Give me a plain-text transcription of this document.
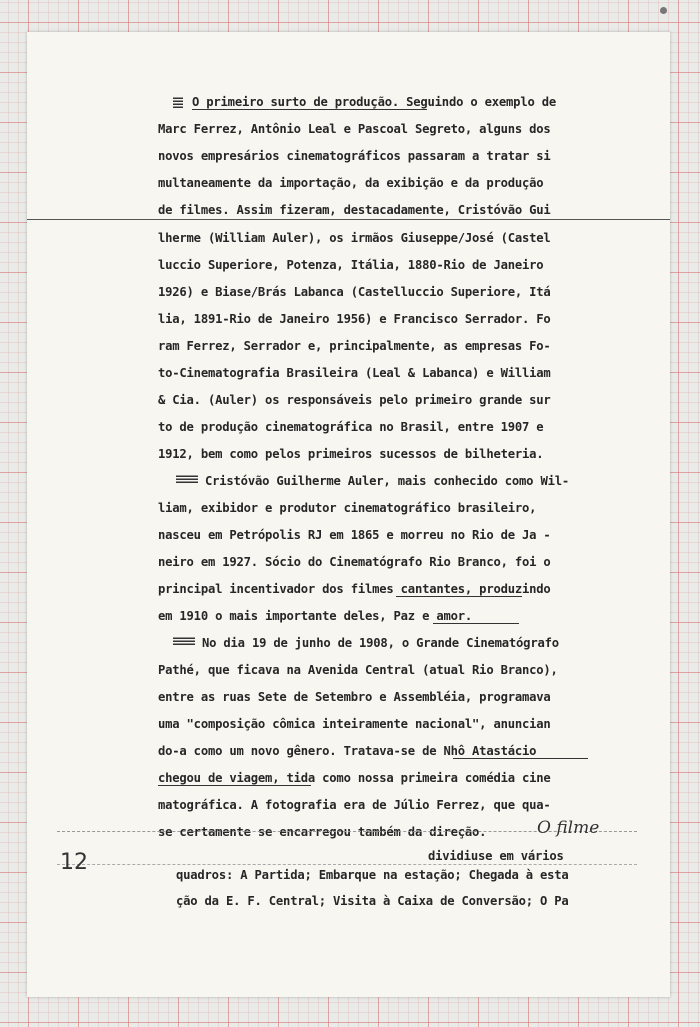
O primeiro surto de produção. Seguindo o exemplo de
Marc Ferrez, Antônio Leal e Pascoal Segreto, alguns dos
novos empresários cinematográficos passaram a tratar si
multaneamente da importação, da exibição e da produção
de filmes. Assim fizeram, destacadamente, Cristóvão Gui
lherme (William Auler), os irmãos Giuseppe/José (Castel
luccio Superiore, Potenza, Itália, 1880-Rio de Janeiro
1926) e Biase/Brás Labanca (Castelluccio Superiore, Itá
lia, 1891-Rio de Janeiro 1956) e Francisco Serrador. Fo
ram Ferrez, Serrador e, principalmente, as empresas Fo-
to-Cinematografia Brasileira (Leal & Labanca) e William
& Cia. (Auler) os responsáveis pelo primeiro grande sur
to de produção cinematográfica no Brasil, entre 1907 e
1912, bem como pelos primeiros sucessos de bilheteria.
Cristóvão Guilherme Auler, mais conhecido como Wil-
liam, exibidor e produtor cinematográfico brasileiro,
nasceu em Petrópolis RJ em 1865 e morreu no Rio de Ja -
neiro em 1927. Sócio do Cinematógrafo Rio Branco, foi o
principal incentivador dos filmes cantantes, produzindo
em 1910 o mais importante deles, Paz e amor.
No dia 19 de junho de 1908, o Grande Cinematógrafo
Pathé, que ficava na Avenida Central (atual Rio Branco),
entre as ruas Sete de Setembro e Assembléia, programava
uma "composição cômica inteiramente nacional", anuncian
do-a como um novo gênero. Tratava-se de Nhô Atastácio
chegou de viagem, tida como nossa primeira comédia cine
matográfica. A fotografia era de Júlio Ferrez, que qua-
se certamente se encarregou também da direção.	O filme
dividiuse em vários
quadros: A Partida; Embarque na estação; Chegada à esta
ção da E. F. Central; Visita à Caixa de Conversão; O Pa
12
